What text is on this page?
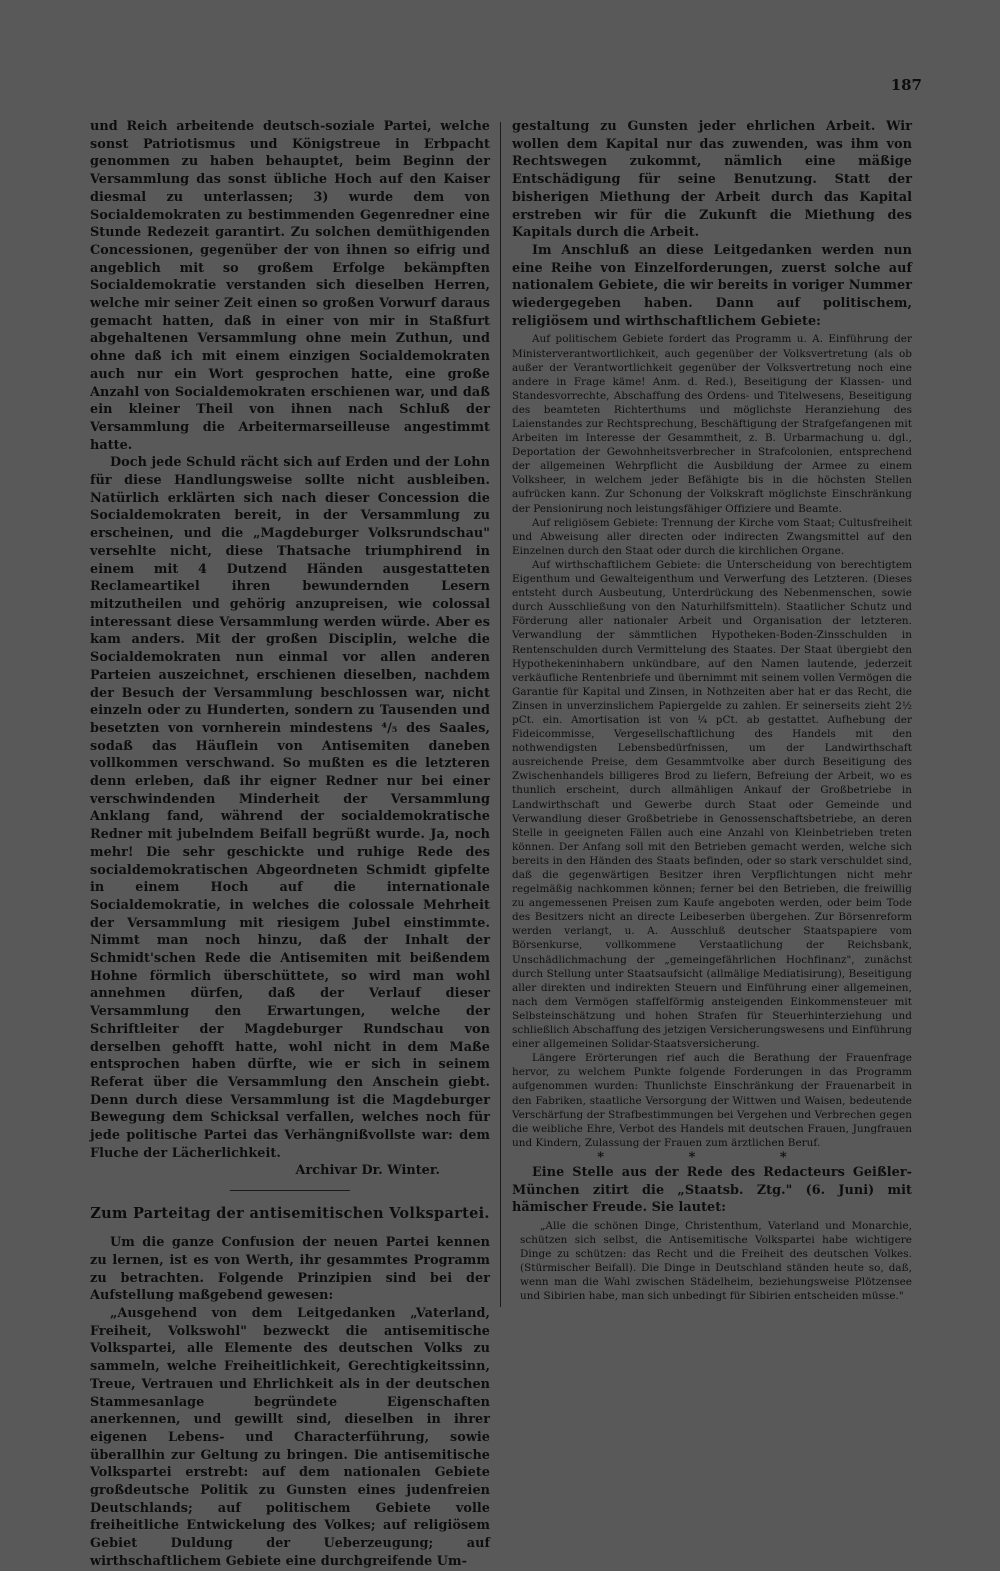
187

und Reich arbeitende deutsch-soziale Partei, welche sonst Patriotismus und Königstreue in Erbpacht genommen zu haben behauptet, beim Beginn der Versammlung das sonst übliche Hoch auf den Kaiser diesmal zu unterlassen; 3) wurde dem von Socialdemokraten zu bestimmenden Gegenredner eine Stunde Redezeit garantirt. Zu solchen demüthigenden Concessionen, gegenüber der von ihnen so eifrig und angeblich mit so großem Erfolge bekämpften Socialdemokratie verstanden sich dieselben Herren, welche mir seiner Zeit einen so großen Vorwurf daraus gemacht hatten, daß in einer von mir in Staßfurt abgehaltenen Versammlung ohne mein Zuthun, und ohne daß ich mit einem einzigen Socialdemokraten auch nur ein Wort gesprochen hatte, eine große Anzahl von Socialdemokraten erschienen war, und daß ein kleiner Theil von ihnen nach Schluß der Versammlung die Arbeitermarseilleuse angestimmt hatte.

Doch jede Schuld rächt sich auf Erden und der Lohn für diese Handlungsweise sollte nicht ausbleiben. Natürlich erklärten sich nach dieser Concession die Socialdemokraten bereit, in der Versammlung zu erscheinen, und die „Magdeburger Volksrundschau" versehlte nicht, diese Thatsache triumphirend in einem mit 4 Dutzend Händen ausgestatteten Reclameartikel ihren bewundernden Lesern mitzutheilen und gehörig anzupreisen, wie colossal interessant diese Versammlung werden würde. Aber es kam anders. Mit der großen Disciplin, welche die Socialdemokraten nun einmal vor allen anderen Parteien auszeichnet, erschienen dieselben, nachdem der Besuch der Versammlung beschlossen war, nicht einzeln oder zu Hunderten, sondern zu Tausenden und besetzten von vornherein mindestens ⁴/₅ des Saales, sodaß das Häuflein von Antisemiten daneben vollkommen verschwand. So mußten es die letzteren denn erleben, daß ihr eigner Redner nur bei einer verschwindenden Minderheit der Versammlung Anklang fand, während der socialdemokratische Redner mit jubelndem Beifall begrüßt wurde. Ja, noch mehr! Die sehr geschickte und ruhige Rede des socialdemokratischen Abgeordneten Schmidt gipfelte in einem Hoch auf die internationale Socialdemokratie, in welches die colossale Mehrheit der Versammlung mit riesigem Jubel einstimmte. Nimmt man noch hinzu, daß der Inhalt der Schmidt'schen Rede die Antisemiten mit beißendem Hohne förmlich überschüttete, so wird man wohl annehmen dürfen, daß der Verlauf dieser Versammlung den Erwartungen, welche der Schriftleiter der Magdeburger Rundschau von derselben gehofft hatte, wohl nicht in dem Maße entsprochen haben dürfte, wie er sich in seinem Referat über die Versammlung den Anschein giebt. Denn durch diese Versammlung ist die Magdeburger Bewegung dem Schicksal verfallen, welches noch für jede politische Partei das Verhängnißvollste war: dem Fluche der Lächerlichkeit.

Archivar Dr. Winter.

Zum Parteitag der antisemitischen Volkspartei.

Um die ganze Confusion der neuen Partei kennen zu lernen, ist es von Werth, ihr gesammtes Programm zu betrachten. Folgende Prinzipien sind bei der Aufstellung maßgebend gewesen:

„Ausgehend von dem Leitgedanken „Vaterland, Freiheit, Volkswohl" bezweckt die antisemitische Volkspartei, alle Elemente des deutschen Volks zu sammeln, welche Freiheitlichkeit, Gerechtigkeitssinn, Treue, Vertrauen und Ehrlichkeit als in der deutschen Stammesanlage begründete Eigenschaften anerkennen, und gewillt sind, dieselben in ihrer eigenen Lebens- und Characterführung, sowie überallhin zur Geltung zu bringen. Die antisemitische Volkspartei erstrebt: auf dem nationalen Gebiete großdeutsche Politik zu Gunsten eines judenfreien Deutschlands; auf politischem Gebiete volle freiheitliche Entwickelung des Volkes; auf religiösem Gebiet Duldung der Ueberzeugung; auf wirthschaftlichem Gebiete eine durchgreifende Um-

gestaltung zu Gunsten jeder ehrlichen Arbeit. Wir wollen dem Kapital nur das zuwenden, was ihm von Rechtswegen zukommt, nämlich eine mäßige Entschädigung für seine Benutzung. Statt der bisherigen Miethung der Arbeit durch das Kapital erstreben wir für die Zukunft die Miethung des Kapitals durch die Arbeit.

Im Anschluß an diese Leitgedanken werden nun eine Reihe von Einzelforderungen, zuerst solche auf nationalem Gebiete, die wir bereits in voriger Nummer wiedergegeben haben. Dann auf politischem, religiösem und wirthschaftlichem Gebiete:

Auf politischem Gebiete fordert das Programm u. A. Einführung der Ministerverantwortlichkeit, auch gegenüber der Volksvertretung (als ob außer der Verantwortlichkeit gegenüber der Volksvertretung noch eine andere in Frage käme! Anm. d. Red.), Beseitigung der Klassen- und Standesvorrechte, Abschaffung des Ordens- und Titelwesens, Beseitigung des beamteten Richterthums und möglichste Heranziehung des Laienstandes zur Rechtsprechung, Beschäftigung der Strafgefangenen mit Arbeiten im Interesse der Gesammtheit, z. B. Urbarmachung u. dgl., Deportation der Gewohnheitsverbrecher in Strafcolonien, entsprechend der allgemeinen Wehrpflicht die Ausbildung der Armee zu einem Volksheer, in welchem jeder Befähigte bis in die höchsten Stellen aufrücken kann. Zur Schonung der Volkskraft möglichste Einschränkung der Pensionirung noch leistungsfähiger Offiziere und Beamte.

Auf religiösem Gebiete: Trennung der Kirche vom Staat; Cultusfreiheit und Abweisung aller directen oder indirecten Zwangsmittel auf den Einzelnen durch den Staat oder durch die kirchlichen Organe.

Auf wirthschaftlichem Gebiete: die Unterscheidung von berechtigtem Eigenthum und Gewalteigenthum und Verwerfung des Letzteren. (Dieses entsteht durch Ausbeutung, Unterdrückung des Nebenmenschen, sowie durch Ausschließung von den Naturhilfsmitteln). Staatlicher Schutz und Förderung aller nationaler Arbeit und Organisation der letzteren. Verwandlung der sämmtlichen Hypotheken-Boden-Zinsschulden in Rentenschulden durch Vermittelung des Staates. Der Staat übergiebt den Hypothekeninhabern unkündbare, auf den Namen lautende, jederzeit verkäufliche Rentenbriefe und übernimmt mit seinem vollen Vermögen die Garantie für Kapital und Zinsen, in Nothzeiten aber hat er das Recht, die Zinsen in unverzinslichem Papiergelde zu zahlen. Er seinerseits zieht 2½ pCt. ein. Amortisation ist von ¼ pCt. ab gestattet. Aufhebung der Fideicommisse, Vergesellschaftlichung des Handels mit den nothwendigsten Lebensbedürfnissen, um der Landwirthschaft ausreichende Preise, dem Gesammtvolke aber durch Beseitigung des Zwischenhandels billigeres Brod zu liefern, Befreiung der Arbeit, wo es thunlich erscheint, durch allmähligen Ankauf der Großbetriebe in Landwirthschaft und Gewerbe durch Staat oder Gemeinde und Verwandlung dieser Großbetriebe in Genossenschaftsbetriebe, an deren Stelle in geeigneten Fällen auch eine Anzahl von Kleinbetrieben treten können. Der Anfang soll mit den Betrieben gemacht werden, welche sich bereits in den Händen des Staats befinden, oder so stark verschuldet sind, daß die gegenwärtigen Besitzer ihren Verpflichtungen nicht mehr regelmäßig nachkommen können; ferner bei den Betrieben, die freiwillig zu angemessenen Preisen zum Kaufe angeboten werden, oder beim Tode des Besitzers nicht an directe Leibeserben übergehen. Zur Börsenreform werden verlangt, u. A. Ausschluß deutscher Staatspapiere vom Börsenkurse, vollkommene Verstaatlichung der Reichsbank, Unschädlichmachung der „gemeingefährlichen Hochfinanz", zunächst durch Stellung unter Staatsaufsicht (allmälige Mediatisirung), Beseitigung aller direkten und indirekten Steuern und Einführung einer allgemeinen, nach dem Vermögen staffelförmig ansteigenden Einkommensteuer mit Selbsteinschätzung und hohen Strafen für Steuerhinterziehung und schließlich Abschaffung des jetzigen Versicherungswesens und Einführung einer allgemeinen Solidar-Staatsversicherung.

Längere Erörterungen rief auch die Berathung der Frauenfrage hervor, zu welchem Punkte folgende Forderungen in das Programm aufgenommen wurden: Thunlichste Einschränkung der Frauenarbeit in den Fabriken, staatliche Versorgung der Wittwen und Waisen, bedeutende Verschärfung der Strafbestimmungen bei Vergehen und Verbrechen gegen die weibliche Ehre, Verbot des Handels mit deutschen Frauen, Jungfrauen und Kindern, Zulassung der Frauen zum ärztlichen Beruf.

* * *

Eine Stelle aus der Rede des Redacteurs Geißler-München zitirt die „Staatsb. Ztg." (6. Juni) mit hämischer Freude. Sie lautet:

„Alle die schönen Dinge, Christenthum, Vaterland und Monarchie, schützen sich selbst, die Antisemitische Volkspartei habe wichtigere Dinge zu schützen: das Recht und die Freiheit des deutschen Volkes. (Stürmischer Beifall). Die Dinge in Deutschland ständen heute so, daß, wenn man die Wahl zwischen Städelheim, beziehungsweise Plötzensee und Sibirien habe, man sich unbedingt für Sibirien entscheiden müsse."
